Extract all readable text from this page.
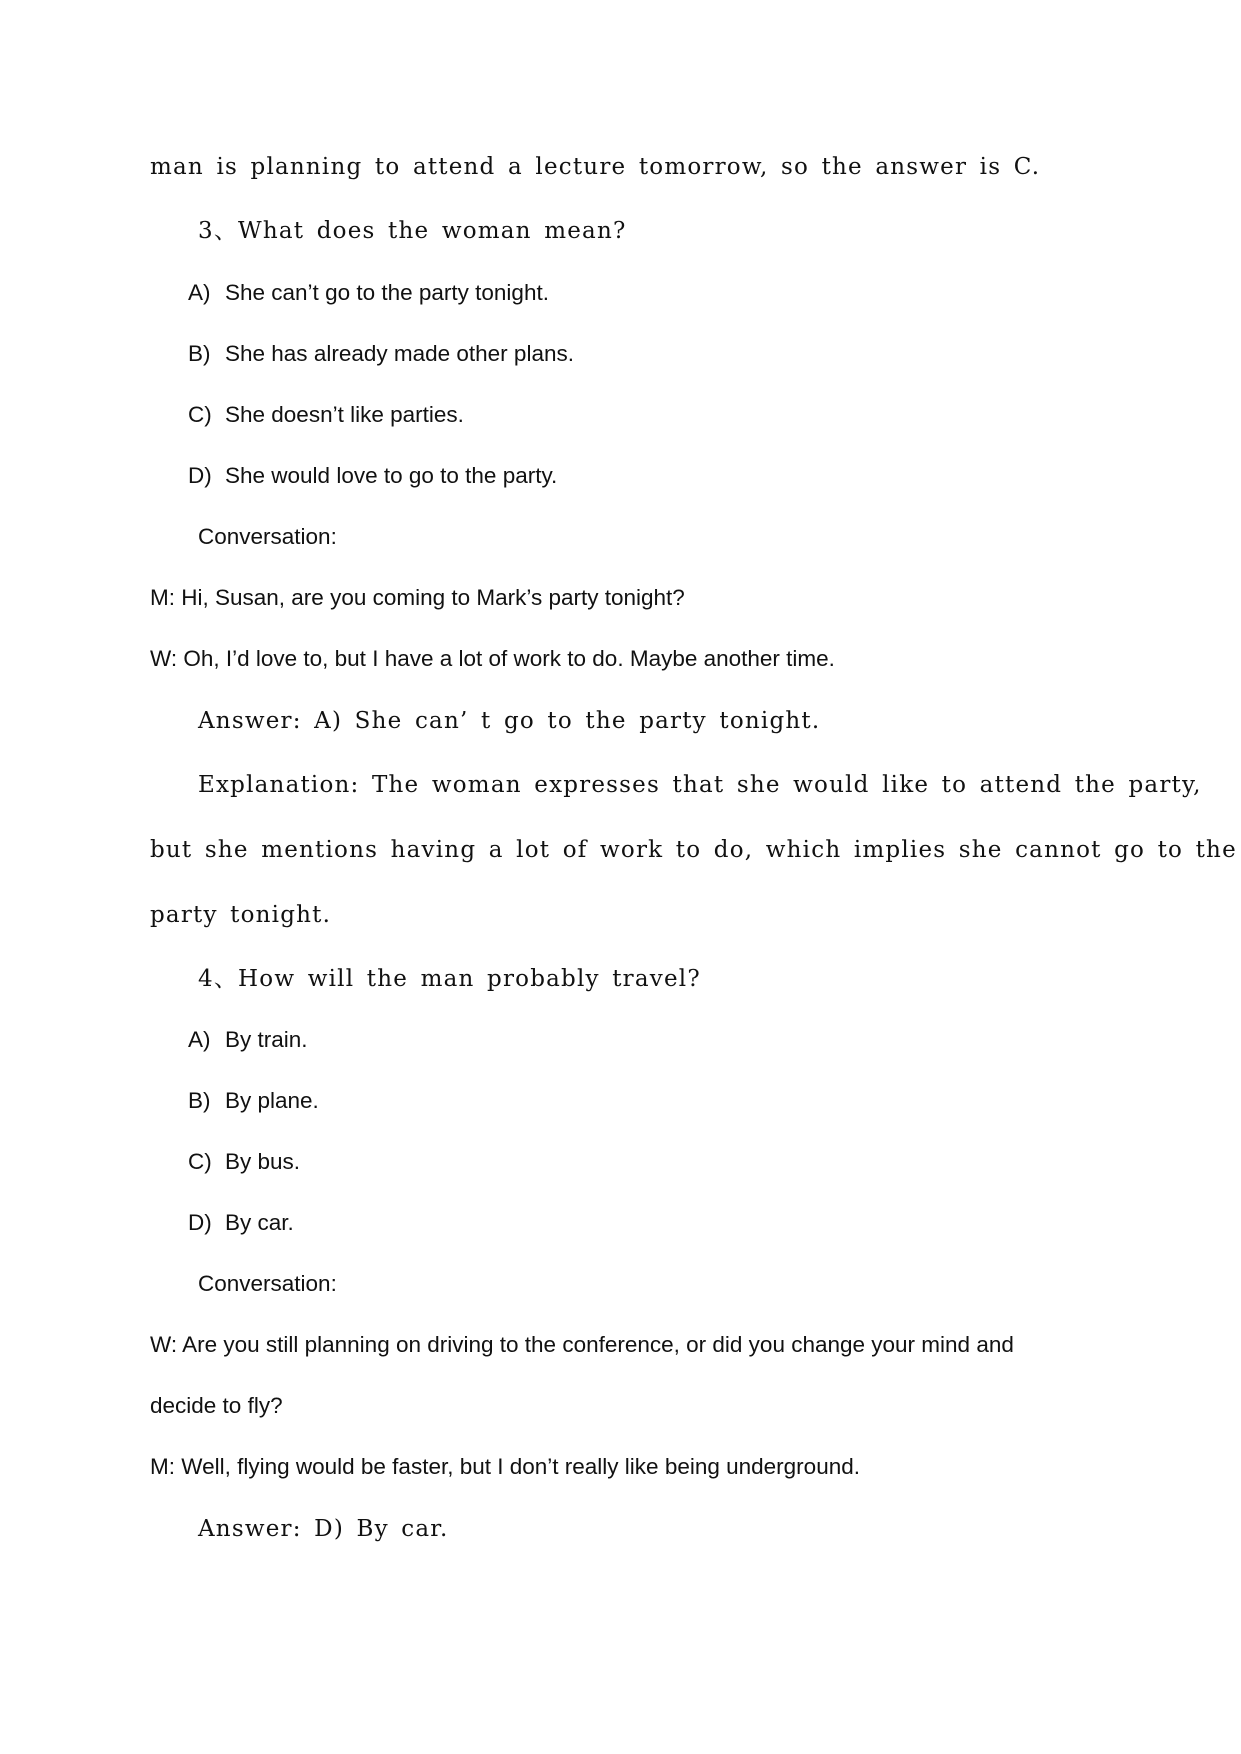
man is planning to attend a lecture tomorrow, so the answer is C.
3、What does the woman mean?
A) She can’t go to the party tonight.
B) She has already made other plans.
C) She doesn’t like parties.
D) She would love to go to the party.
Conversation:
M: Hi, Susan, are you coming to Mark’s party tonight?
W: Oh, I’d love to, but I have a lot of work to do. Maybe another time.
Answer: A) She can’ t go to the party tonight.
Explanation: The woman expresses that she would like to attend the party,
but she mentions having a lot of work to do, which implies she cannot go to the
party tonight.
4、How will the man probably travel?
A) By train.
B) By plane.
C) By bus.
D) By car.
Conversation:
W: Are you still planning on driving to the conference, or did you change your mind and
decide to fly?
M: Well, flying would be faster, but I don’t really like being underground.
Answer: D) By car.
